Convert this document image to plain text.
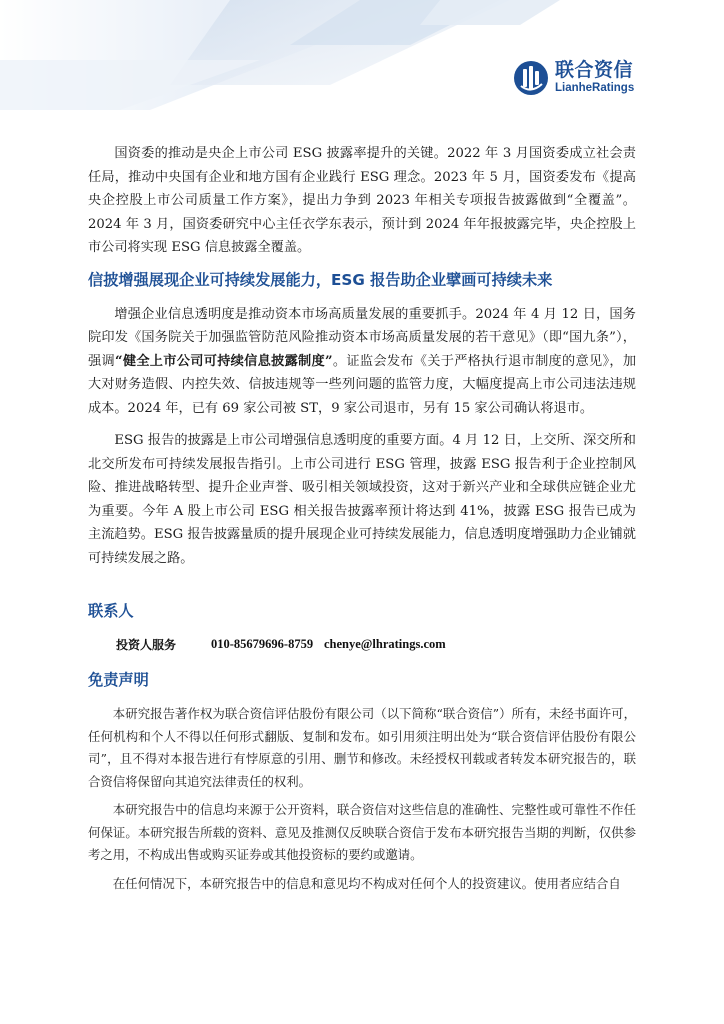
联合资信
LianheRatings

国资委的推动是央企上市公司 ESG 披露率提升的关键。2022 年 3 月国资委成立社会责任局，推动中央国有企业和地方国有企业践行 ESG 理念。2023 年 5 月，国资委发布《提高央企控股上市公司质量工作方案》，提出力争到 2023 年相关专项报告披露做到“全覆盖”。2024 年 3 月，国资委研究中心主任衣学东表示，预计到 2024 年年报披露完毕，央企控股上市公司将实现 ESG 信息披露全覆盖。

信披增强展现企业可持续发展能力，ESG 报告助企业擘画可持续未来

增强企业信息透明度是推动资本市场高质量发展的重要抓手。2024 年 4 月 12 日，国务院印发《国务院关于加强监管防范风险推动资本市场高质量发展的若干意见》（即“国九条”），强调“健全上市公司可持续信息披露制度”。证监会发布《关于严格执行退市制度的意见》，加大对财务造假、内控失效、信披违规等一些列问题的监管力度，大幅度提高上市公司违法违规成本。2024 年，已有 69 家公司被 ST，9 家公司退市，另有 15 家公司确认将退市。

ESG 报告的披露是上市公司增强信息透明度的重要方面。4 月 12 日，上交所、深交所和北交所发布可持续发展报告指引。上市公司进行 ESG 管理，披露 ESG 报告利于企业控制风险、推进战略转型、提升企业声誉、吸引相关领域投资，这对于新兴产业和全球供应链企业尤为重要。今年 A 股上市公司 ESG 相关报告披露率预计将达到 41%，披露 ESG 报告已成为主流趋势。ESG 报告披露量质的提升展现企业可持续发展能力，信息透明度增强助力企业铺就可持续发展之路。

联系人
投资人服务	010-85679696-8759 chenye@lhratings.com
免责声明

本研究报告著作权为联合资信评估股份有限公司（以下简称“联合资信”）所有，未经书面许可，任何机构和个人不得以任何形式翻版、复制和发布。如引用须注明出处为“联合资信评估股份有限公司”，且不得对本报告进行有悖原意的引用、删节和修改。未经授权刊载或者转发本研究报告的，联合资信将保留向其追究法律责任的权利。

本研究报告中的信息均来源于公开资料，联合资信对这些信息的准确性、完整性或可靠性不作任何保证。本研究报告所载的资料、意见及推测仅反映联合资信于发布本研究报告当期的判断，仅供参考之用，不构成出售或购买证券或其他投资标的要约或邀请。

在任何情况下，本研究报告中的信息和意见均不构成对任何个人的投资建议。使用者应结合自
